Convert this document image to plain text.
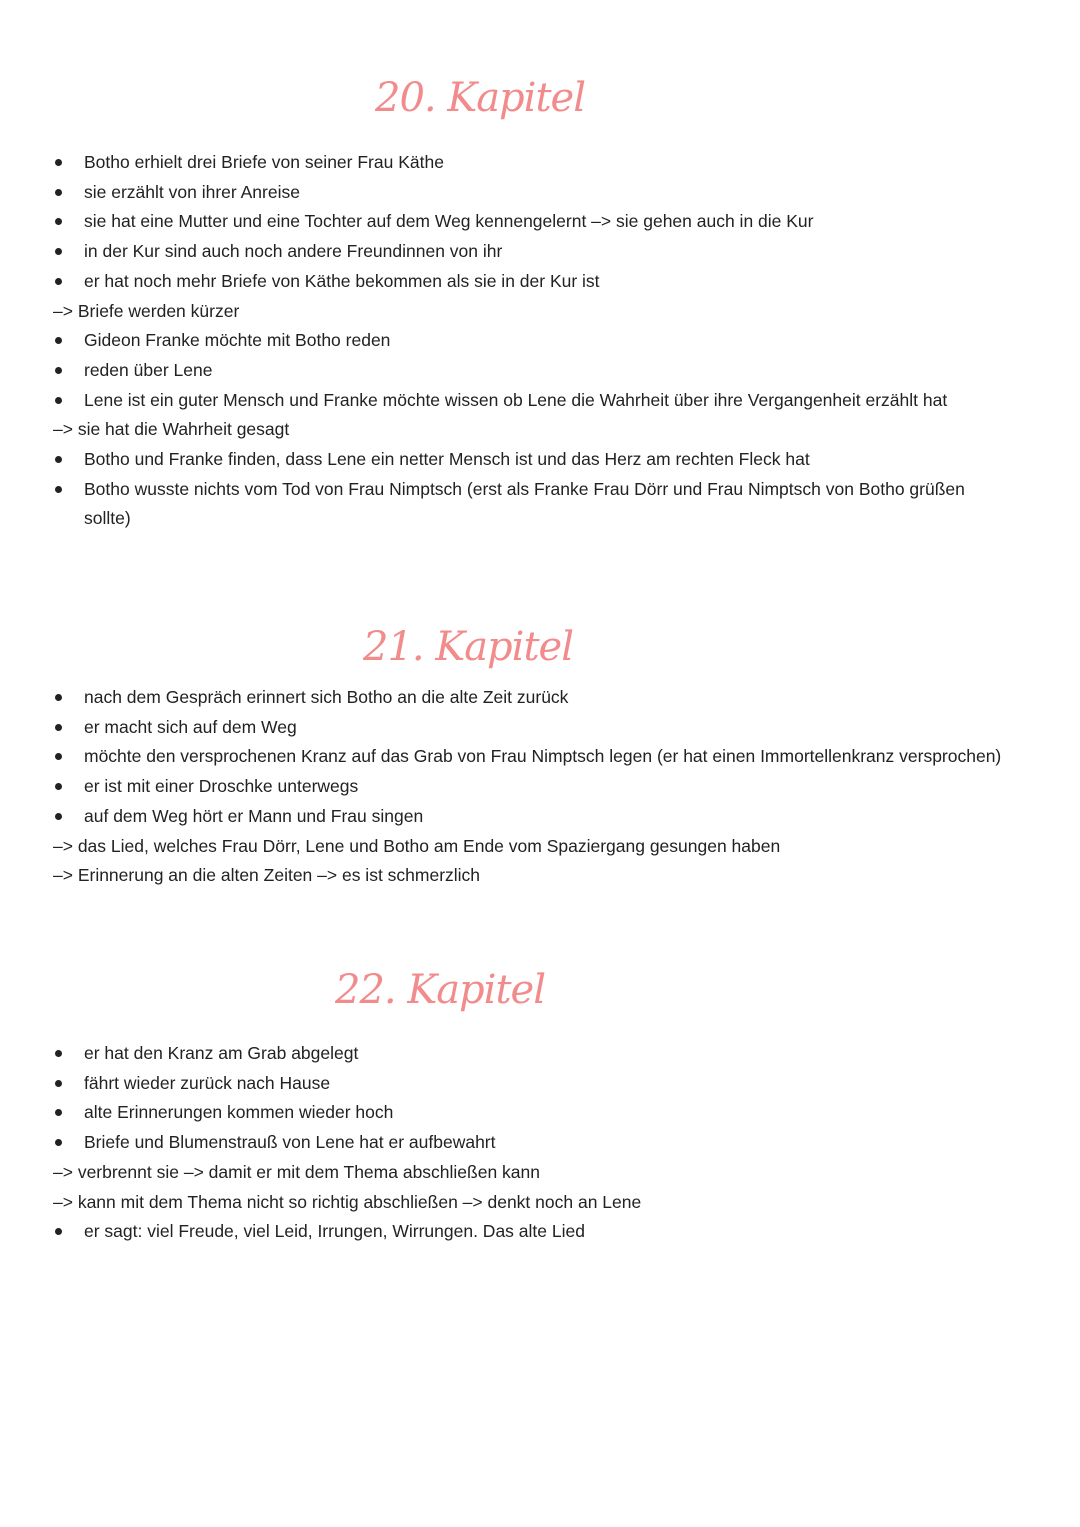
20. Kapitel
Botho erhielt drei Briefe von seiner Frau Käthe
sie erzählt von ihrer Anreise
sie hat eine Mutter und eine Tochter auf dem Weg kennengelernt –> sie gehen auch in die Kur
in der Kur sind auch noch andere Freundinnen von ihr
er hat noch mehr Briefe von Käthe bekommen als sie in der Kur ist
–> Briefe werden kürzer
Gideon Franke möchte mit Botho reden
reden über Lene
Lene ist ein guter Mensch und Franke möchte wissen ob Lene die Wahrheit über ihre Vergangenheit erzählt hat
–> sie hat die Wahrheit gesagt
Botho und Franke finden, dass Lene ein netter Mensch ist und das Herz am rechten Fleck hat
Botho wusste nichts vom Tod von Frau Nimptsch (erst als Franke Frau Dörr und Frau Nimptsch von Botho grüßen
sollte)
21. Kapitel
nach dem Gespräch erinnert sich Botho an die alte Zeit zurück
er macht sich auf dem Weg
möchte den versprochenen Kranz auf das Grab von Frau Nimptsch legen (er hat einen Immortellenkranz versprochen)
er ist mit einer Droschke unterwegs
auf dem Weg hört er Mann und Frau singen
–> das Lied, welches Frau Dörr, Lene und Botho am Ende vom Spaziergang gesungen haben
–> Erinnerung an die alten Zeiten –> es ist schmerzlich
22. Kapitel
er hat den Kranz am Grab abgelegt
fährt wieder zurück nach Hause
alte Erinnerungen kommen wieder hoch
Briefe und Blumenstrauß von Lene hat er aufbewahrt
–> verbrennt sie –> damit er mit dem Thema abschließen kann
–> kann mit dem Thema nicht so richtig abschließen –> denkt noch an Lene
er sagt: viel Freude, viel Leid, Irrungen, Wirrungen. Das alte Lied
